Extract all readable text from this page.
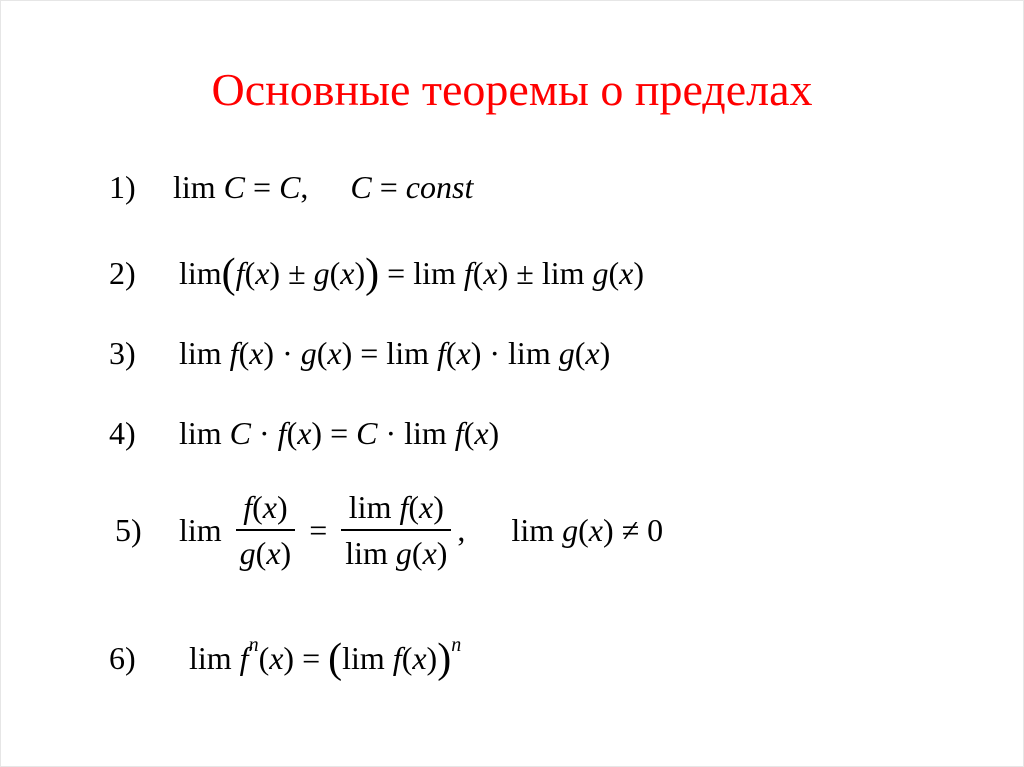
Основные теоремы о пределах
1) lim C = C,  C = const
2) lim(f(x) ± g(x)) = lim f(x) ± lim g(x)
3) lim f(x) · g(x) = lim f(x) · lim g(x)
4) lim C · f(x) = C · lim f(x)
5) $\lim \frac{f(x)}{g(x)} = \frac{\text{lim f(x)}}{\text{lim g(x)}}$ , lim g(x) ≠ 0
6) $\lim f^n(x) = (\lim$ f(x))$^n$
